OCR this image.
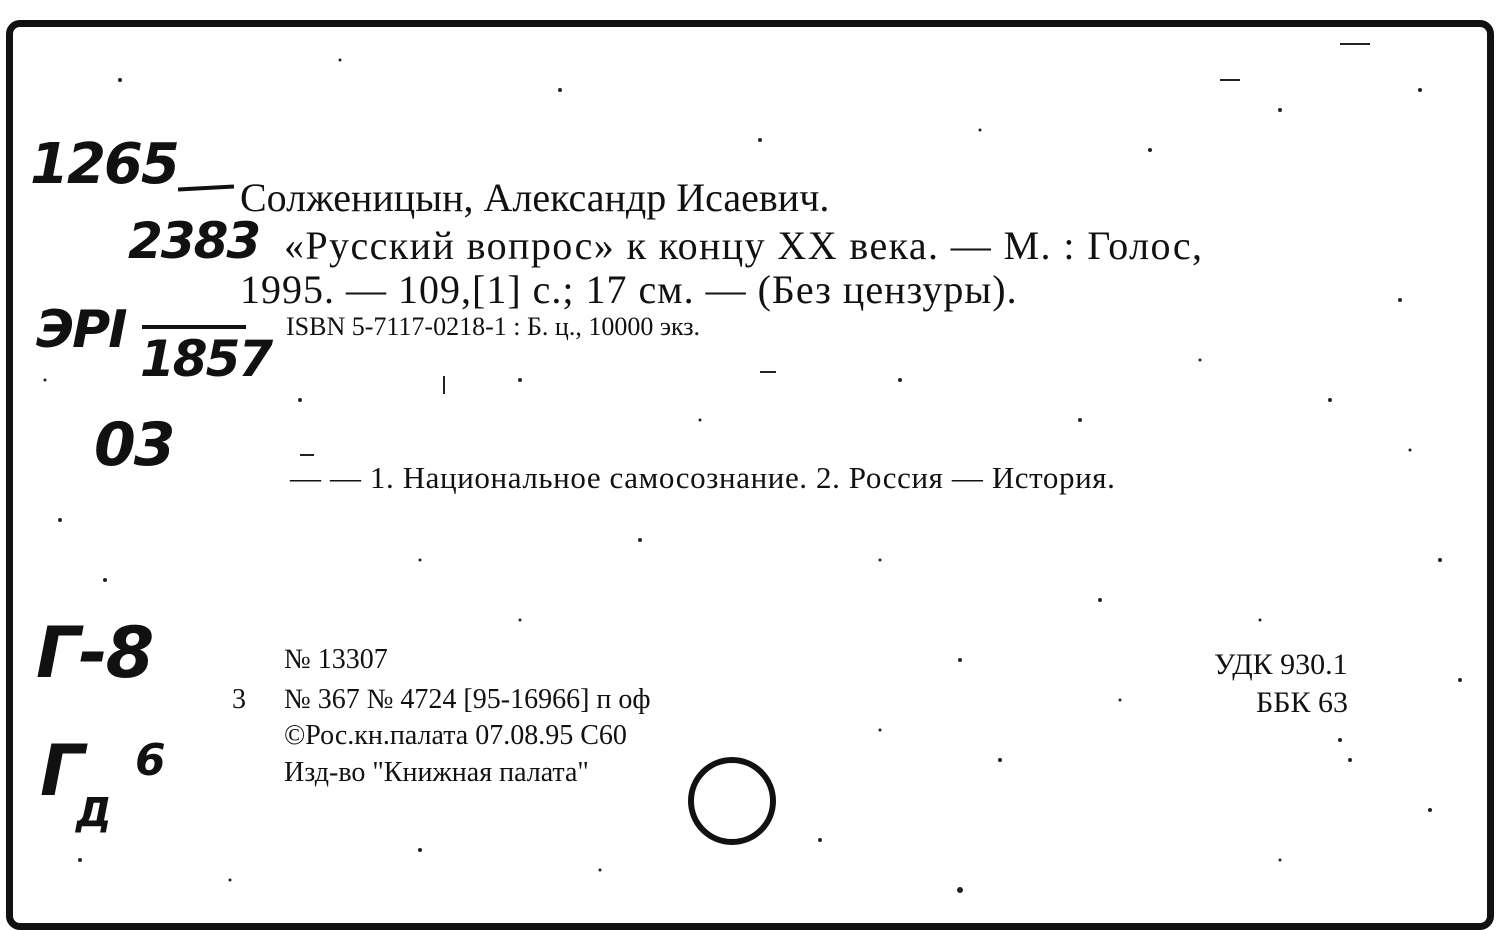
1265
2383
ЭРI 1857
03
Г-8
Г
Д
6
Солженицын, Александр Исаевич.
«Русский вопрос» к концу XX века. — М. : Голос,
1995. — 109,[1] с.; 17 см. — (Без цензуры).
ISBN 5-7117-0218-1 : Б. ц., 10000 экз.
— — 1. Национальное самосознание. 2. Россия — История.
№ 13307
3 № 367 № 4724 [95-16966] п оф
©Рос.кн.палата 07.08.95 С60
Изд-во "Книжная палата"
УДК 930.1
ББК 63
